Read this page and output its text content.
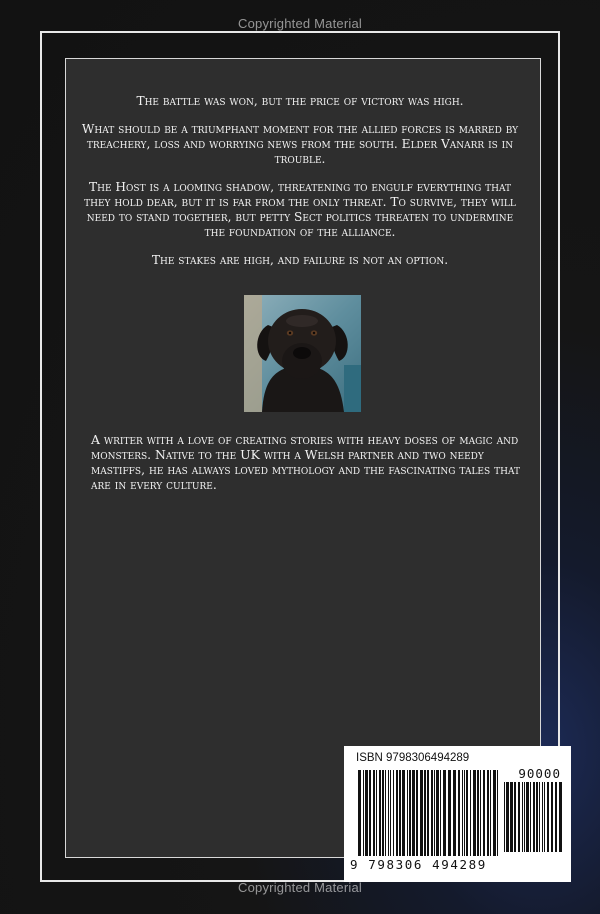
Copyrighted Material

The battle was won, but the price of victory was high.

What should be a triumphant moment for the allied forces is marred by treachery, loss and worrying news from the south. Elder Vanarr is in trouble.

The Host is a looming shadow, threatening to engulf everything that they hold dear, but it is far from the only threat. To survive, they will need to stand together, but petty Sect politics threaten to undermine the foundation of the alliance.

The stakes are high, and failure is not an option.

A writer with a love of creating stories with heavy doses of magic and monsters. Native to the UK with a Welsh partner and two needy mastiffs, he has always loved mythology and the fascinating tales that are in every culture.
ISBN 9798306494289
90000
9 798306 494289
Copyrighted Material
